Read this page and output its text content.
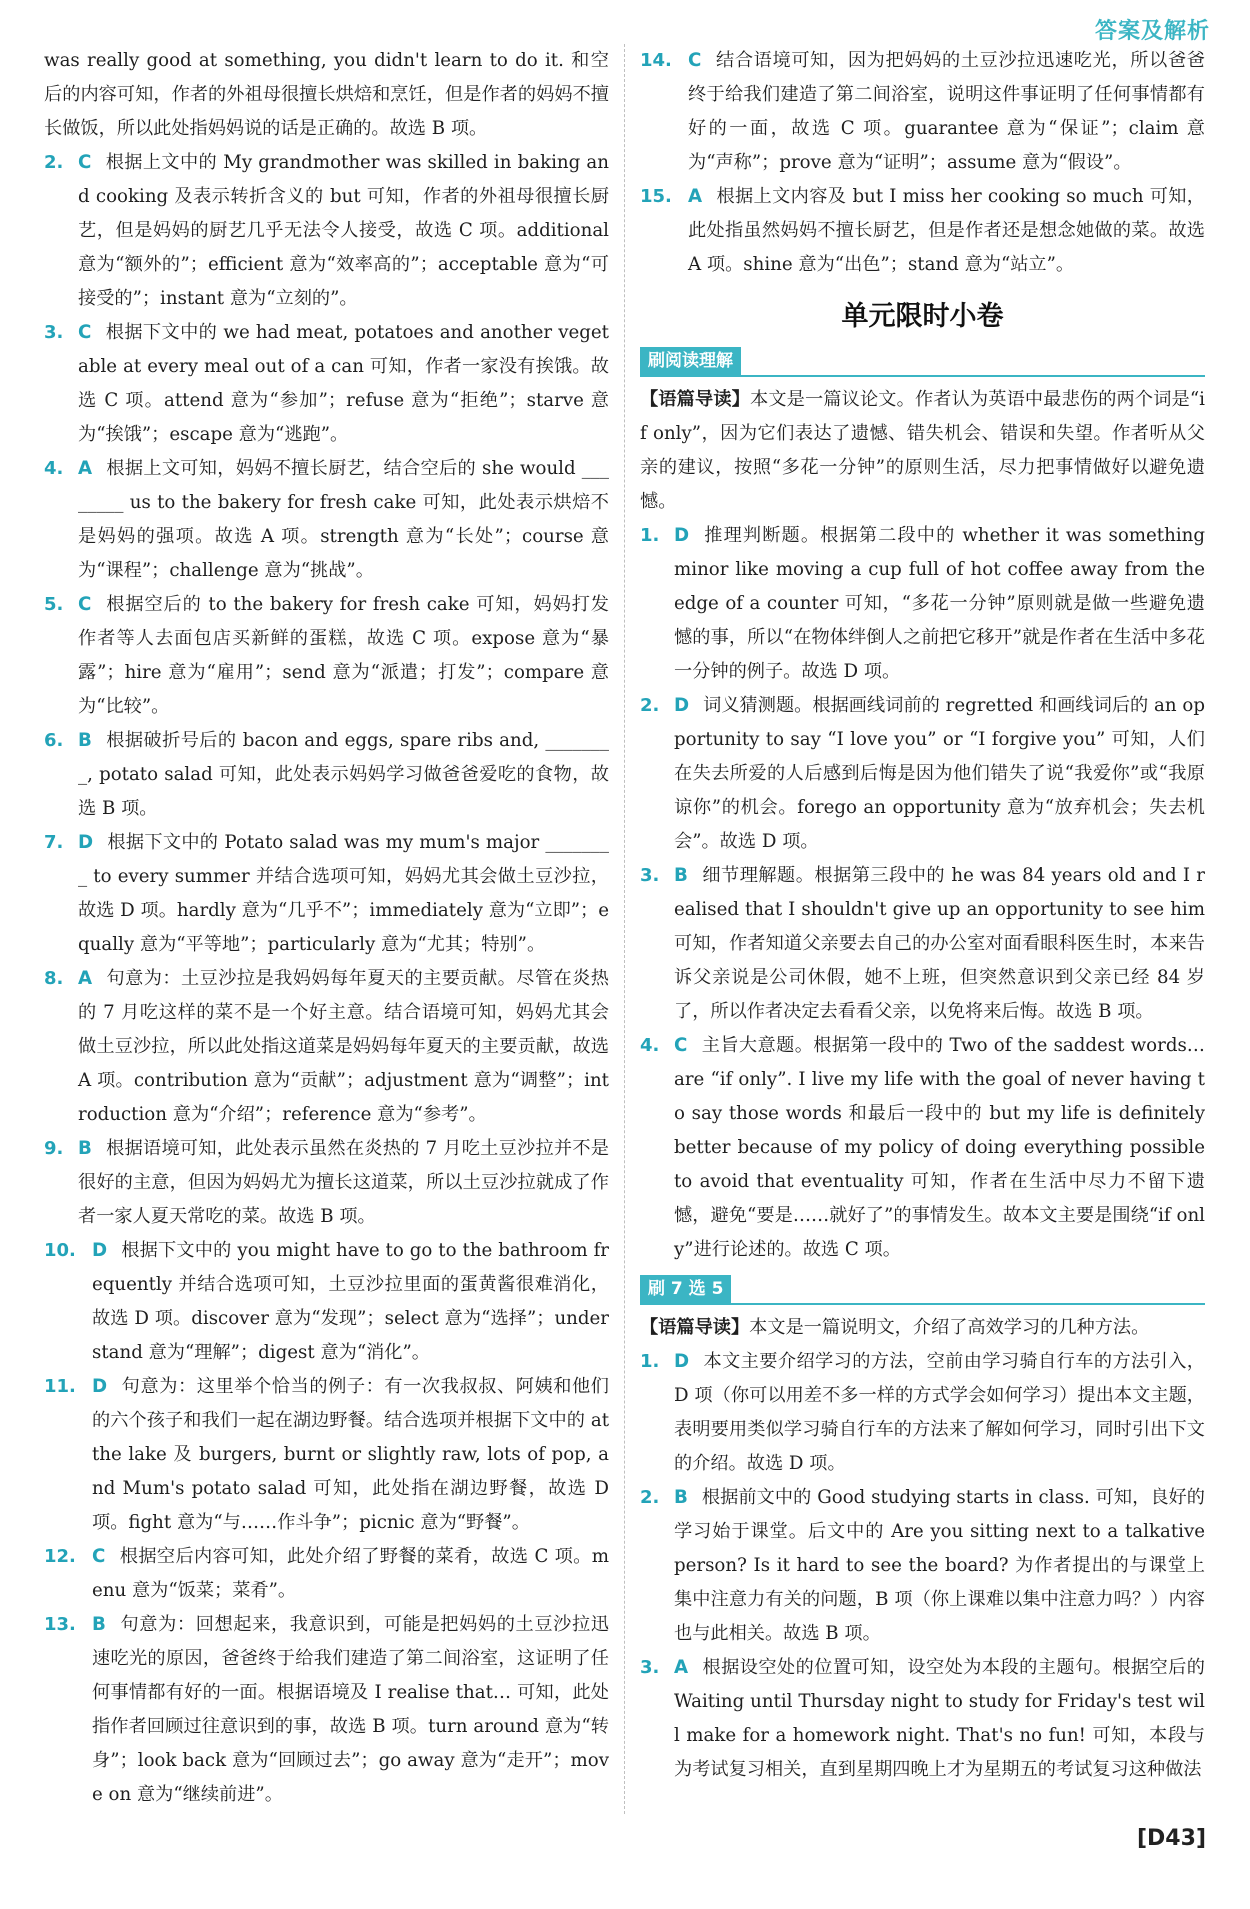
答案及解析

was really good at something, you didn't learn to do it. 和空后的内容可知，作者的外祖母很擅长烘焙和烹饪，但是作者的妈妈不擅长做饭，所以此处指妈妈说的话是正确的。故选 B 项。

2. C 根据上文中的 My grandmother was skilled in baking and cooking 及表示转折含义的 but 可知，作者的外祖母很擅长厨艺，但是妈妈的厨艺几乎无法令人接受，故选 C 项。additional 意为“额外的”；efficient 意为“效率高的”；acceptable 意为“可接受的”；instant 意为“立刻的”。

3. C 根据下文中的 we had meat, potatoes and another vegetable at every meal out of a can 可知，作者一家没有挨饿。故选 C 项。attend 意为“参加”；refuse 意为“拒绝”；starve 意为“挨饿”；escape 意为“逃跑”。

4. A 根据上文可知，妈妈不擅长厨艺，结合空后的 she would ________ us to the bakery for fresh cake 可知，此处表示烘焙不是妈妈的强项。故选 A 项。strength 意为“长处”；course 意为“课程”；challenge 意为“挑战”。

5. C 根据空后的 to the bakery for fresh cake 可知，妈妈打发作者等人去面包店买新鲜的蛋糕，故选 C 项。expose 意为“暴露”；hire 意为“雇用”；send 意为“派遣；打发”；compare 意为“比较”。

6. B 根据破折号后的 bacon and eggs, spare ribs and, ________, potato salad 可知，此处表示妈妈学习做爸爸爱吃的食物，故选 B 项。

7. D 根据下文中的 Potato salad was my mum's major ________ to every summer 并结合选项可知，妈妈尤其会做土豆沙拉，故选 D 项。hardly 意为“几乎不”；immediately 意为“立即”；equally 意为“平等地”；particularly 意为“尤其；特别”。

8. A 句意为：土豆沙拉是我妈妈每年夏天的主要贡献。尽管在炎热的 7 月吃这样的菜不是一个好主意。结合语境可知，妈妈尤其会做土豆沙拉，所以此处指这道菜是妈妈每年夏天的主要贡献，故选 A 项。contribution 意为“贡献”；adjustment 意为“调整”；introduction 意为“介绍”；reference 意为“参考”。

9. B 根据语境可知，此处表示虽然在炎热的 7 月吃土豆沙拉并不是很好的主意，但因为妈妈尤为擅长这道菜，所以土豆沙拉就成了作者一家人夏天常吃的菜。故选 B 项。

10. D 根据下文中的 you might have to go to the bathroom frequently 并结合选项可知，土豆沙拉里面的蛋黄酱很难消化，故选 D 项。discover 意为“发现”；select 意为“选择”；understand 意为“理解”；digest 意为“消化”。

11. D 句意为：这里举个恰当的例子：有一次我叔叔、阿姨和他们的六个孩子和我们一起在湖边野餐。结合选项并根据下文中的 at the lake 及 burgers, burnt or slightly raw, lots of pop, and Mum's potato salad 可知，此处指在湖边野餐，故选 D 项。fight 意为“与……作斗争”；picnic 意为“野餐”。

12. C 根据空后内容可知，此处介绍了野餐的菜肴，故选 C 项。menu 意为“饭菜；菜肴”。

13. B 句意为：回想起来，我意识到，可能是把妈妈的土豆沙拉迅速吃光的原因，爸爸终于给我们建造了第二间浴室，这证明了任何事情都有好的一面。根据语境及 I realise that… 可知，此处指作者回顾过往意识到的事，故选 B 项。turn around 意为“转身”；look back 意为“回顾过去”；go away 意为“走开”；move on 意为“继续前进”。

14. C 结合语境可知，因为把妈妈的土豆沙拉迅速吃光，所以爸爸终于给我们建造了第二间浴室，说明这件事证明了任何事情都有好的一面，故选 C 项。guarantee 意为“保证”；claim 意为“声称”；prove 意为“证明”；assume 意为“假设”。

15. A 根据上文内容及 but I miss her cooking so much 可知，此处指虽然妈妈不擅长厨艺，但是作者还是想念她做的菜。故选 A 项。shine 意为“出色”；stand 意为“站立”。

单元限时小卷
刷阅读理解

【语篇导读】本文是一篇议论文。作者认为英语中最悲伤的两个词是“if only”，因为它们表达了遗憾、错失机会、错误和失望。作者听从父亲的建议，按照“多花一分钟”的原则生活，尽力把事情做好以避免遗憾。

1. D 推理判断题。根据第二段中的 whether it was something minor like moving a cup full of hot coffee away from the edge of a counter 可知，“多花一分钟”原则就是做一些避免遗憾的事，所以“在物体绊倒人之前把它移开”就是作者在生活中多花一分钟的例子。故选 D 项。

2. D 词义猜测题。根据画线词前的 regretted 和画线词后的 an opportunity to say “I love you” or “I forgive you” 可知，人们在失去所爱的人后感到后悔是因为他们错失了说“我爱你”或“我原谅你”的机会。forego an opportunity 意为“放弃机会；失去机会”。故选 D 项。

3. B 细节理解题。根据第三段中的 he was 84 years old and I realised that I shouldn't give up an opportunity to see him 可知，作者知道父亲要去自己的办公室对面看眼科医生时，本来告诉父亲说是公司休假，她不上班，但突然意识到父亲已经 84 岁了，所以作者决定去看看父亲，以免将来后悔。故选 B 项。

4. C 主旨大意题。根据第一段中的 Two of the saddest words… are “if only”. I live my life with the goal of never having to say those words 和最后一段中的 but my life is definitely better because of my policy of doing everything possible to avoid that eventuality 可知，作者在生活中尽力不留下遗憾，避免“要是……就好了”的事情发生。故本文主要是围绕“if only”进行论述的。故选 C 项。

刷 7 选 5

【语篇导读】本文是一篇说明文，介绍了高效学习的几种方法。

1. D 本文主要介绍学习的方法，空前由学习骑自行车的方法引入，D 项（你可以用差不多一样的方式学会如何学习）提出本文主题，表明要用类似学习骑自行车的方法来了解如何学习，同时引出下文的介绍。故选 D 项。

2. B 根据前文中的 Good studying starts in class. 可知，良好的学习始于课堂。后文中的 Are you sitting next to a talkative person? Is it hard to see the board? 为作者提出的与课堂上集中注意力有关的问题，B 项（你上课难以集中注意力吗？）内容也与此相关。故选 B 项。

3. A 根据设空处的位置可知，设空处为本段的主题句。根据空后的 Waiting until Thursday night to study for Friday's test will make for a homework night. That's no fun! 可知，本段与为考试复习相关，直到星期四晚上才为星期五的考试复习这种做法

[D43]
